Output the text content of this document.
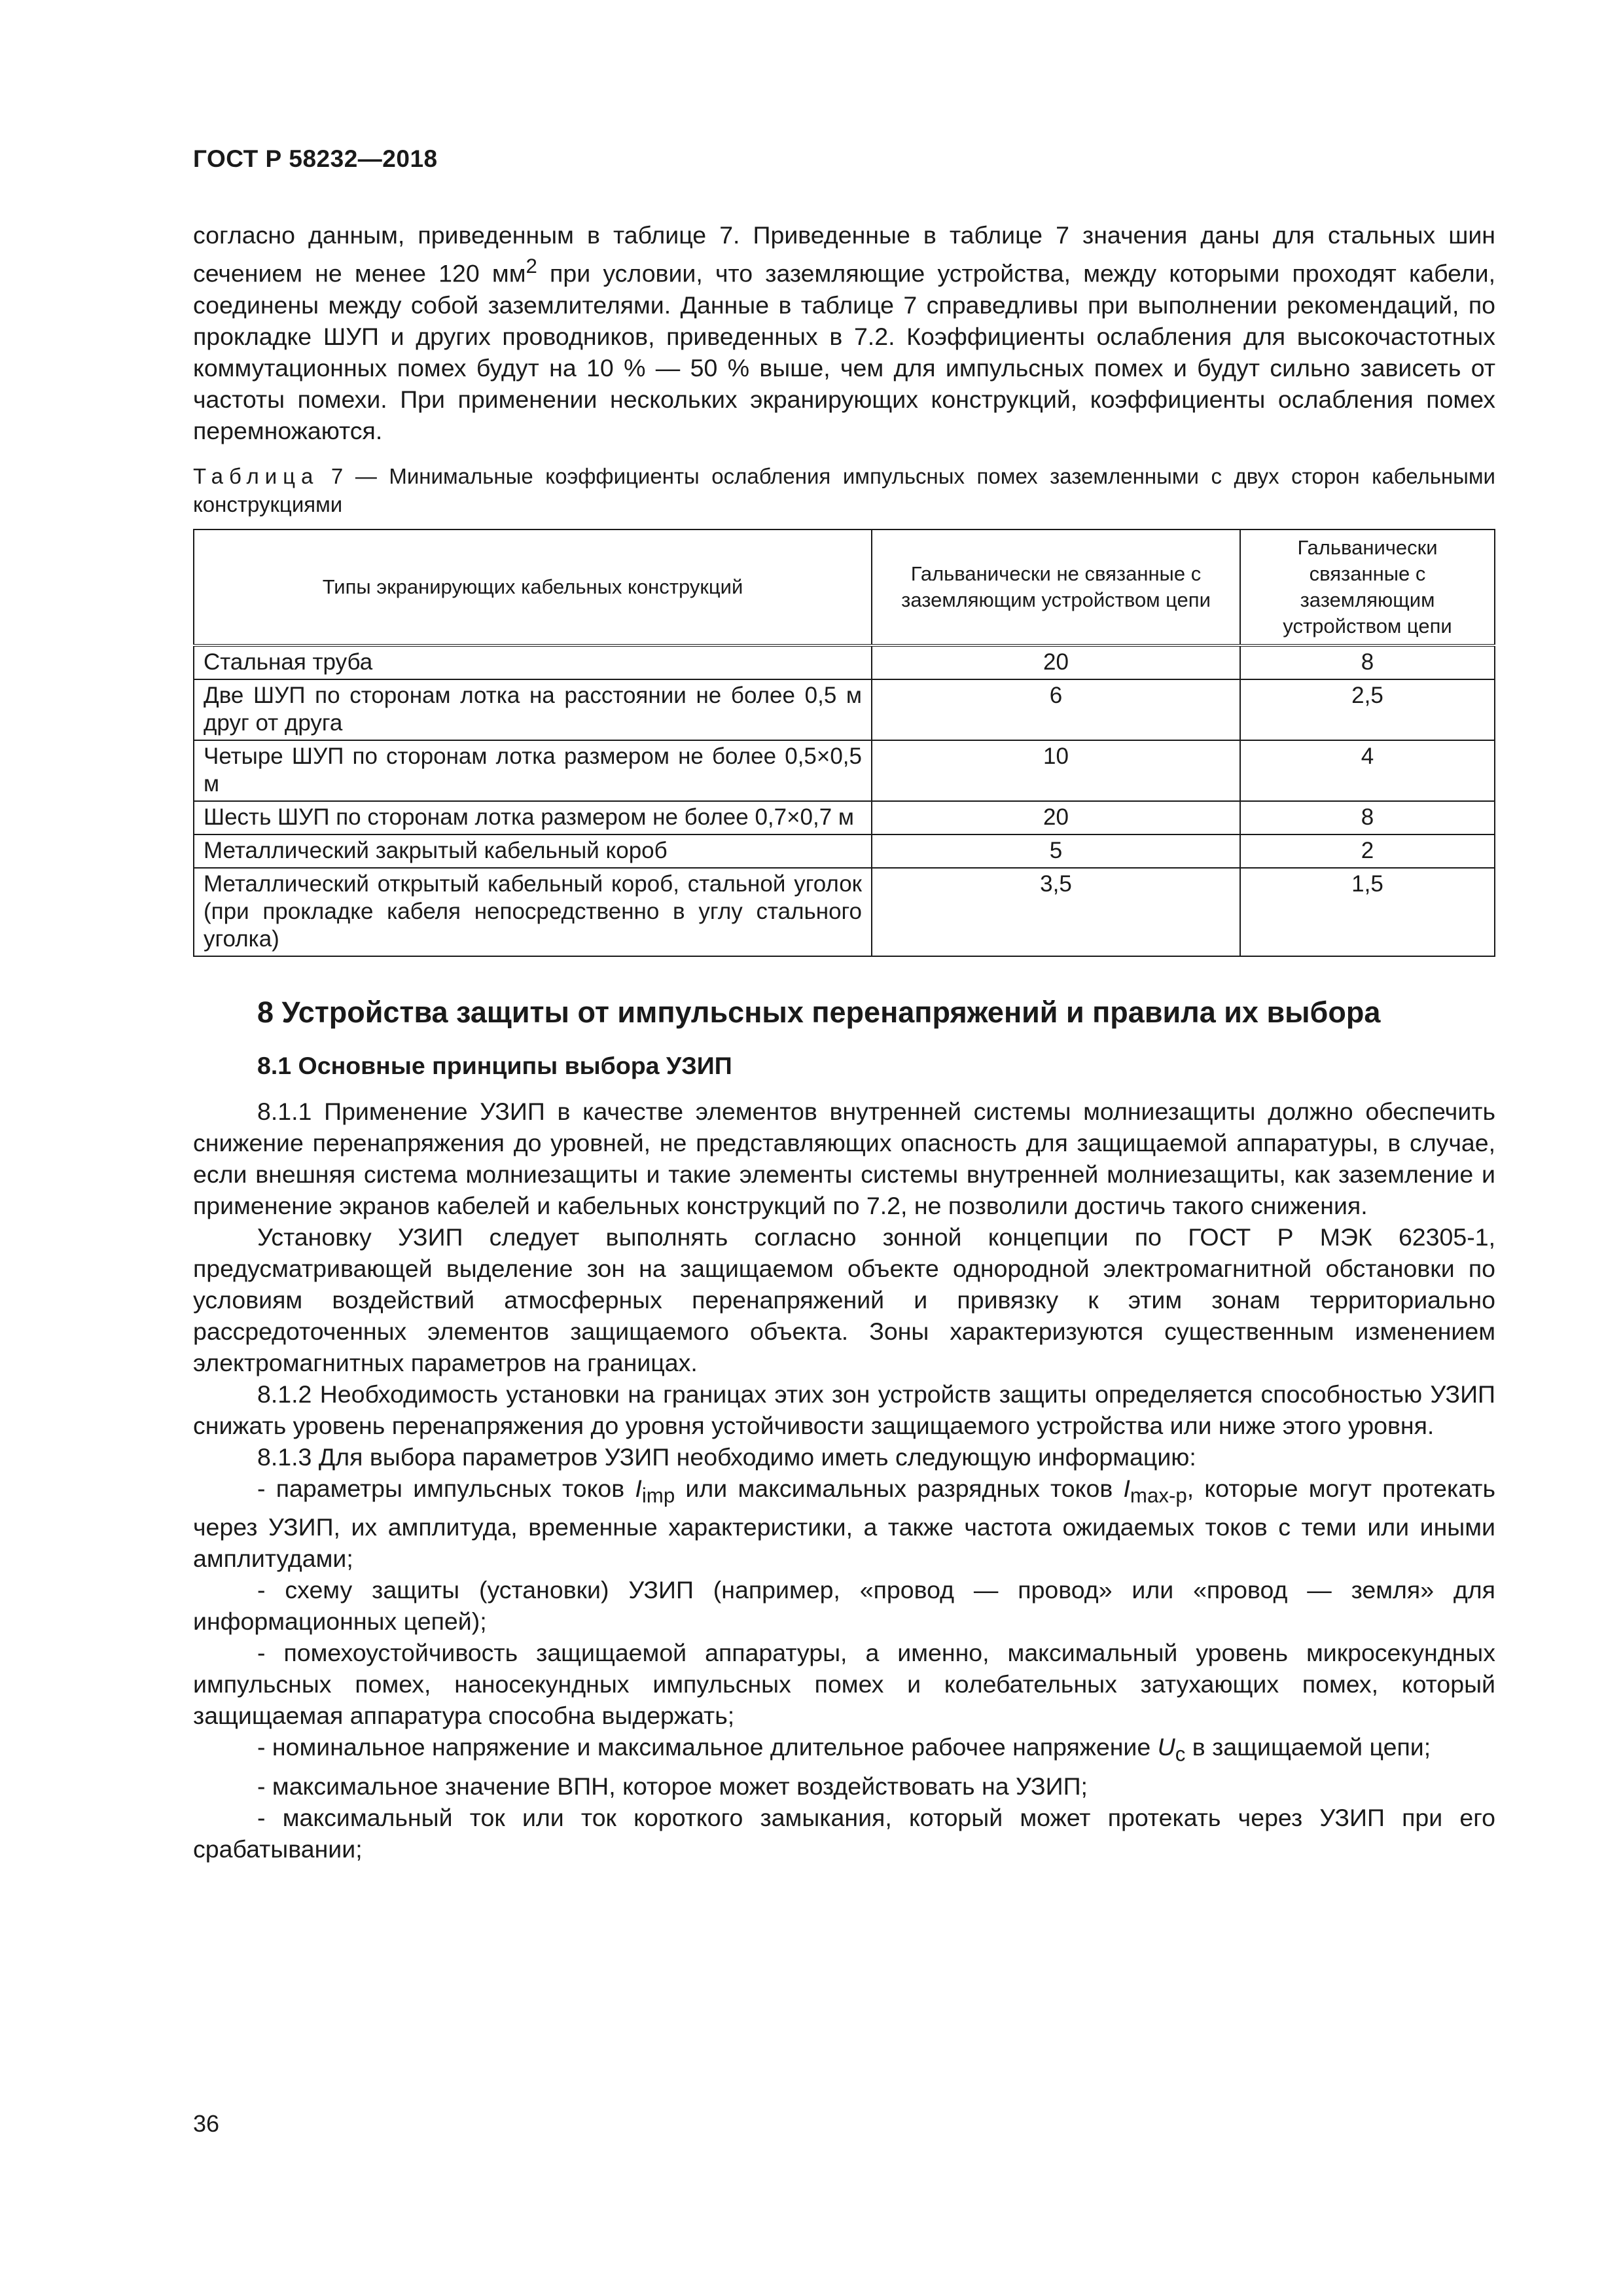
ГОСТ Р 58232—2018

согласно данным, приведенным в таблице 7. Приведенные в таблице 7 значения даны для стальных шин сечением не менее 120 $мм^2$ при условии, что заземляющие устройства, между которыми проходят кабели, соединены между собой заземлителями. Данные в таблице 7 справедливы при выполнении рекомендаций, по прокладке ШУП и других проводников, приведенных в 7.2. Коэффициенты ослабления для высокочастотных коммутационных помех будут на 10 % — 50 % выше, чем для импульсных помех и будут сильно зависеть от частоты помехи. При применении нескольких экранирующих конструкций, коэффициенты ослабления помех перемножаются.

Таблица 7 — Минимальные коэффициенты ослабления импульсных помех заземленными с двух сторон кабельными конструкциями

Типы экранирующих кабельных конструкций	Гальванически не связанные с заземляющим устройством цепи	Гальванически связанные с заземляющим устройством цепи
Стальная труба	20	8
Две ШУП по сторонам лотка на расстоянии не более 0,5 м друг от друга	6	2,5
Четыре ШУП по сторонам лотка размером не более 0,5×0,5 м	10	4
Шесть ШУП по сторонам лотка размером не более 0,7×0,7 м	20	8
Металлический закрытый кабельный короб	5	2
Металлический открытый кабельный короб, стальной уголок (при прокладке кабеля непосредственно в углу стального уголка)	3,5	1,5
8 Устройства защиты от импульсных перенапряжений и правила их выбора
8.1 Основные принципы выбора УЗИП

8.1.1 Применение УЗИП в качестве элементов внутренней системы молниезащиты должно обеспечить снижение перенапряжения до уровней, не представляющих опасность для защищаемой аппаратуры, в случае, если внешняя система молниезащиты и такие элементы системы внутренней молниезащиты, как заземление и применение экранов кабелей и кабельных конструкций по 7.2, не позволили достичь такого снижения.

Установку УЗИП следует выполнять согласно зонной концепции по ГОСТ Р МЭК 62305-1, предусматривающей выделение зон на защищаемом объекте однородной электромагнитной обстановки по условиям воздействий атмосферных перенапряжений и привязку к этим зонам территориально рассредоточенных элементов защищаемого объекта. Зоны характеризуются существенным изменением электромагнитных параметров на границах.

8.1.2 Необходимость установки на границах этих зон устройств защиты определяется способностью УЗИП снижать уровень перенапряжения до уровня устойчивости защищаемого устройства или ниже этого уровня.

8.1.3 Для выбора параметров УЗИП необходимо иметь следующую информацию:

- параметры импульсных токов $I_{imp}$ или максимальных разрядных токов $I_{max-p}$, которые могут протекать через УЗИП, их амплитуда, временные характеристики, а также частота ожидаемых токов с теми или иными амплитудами;

- схему защиты (установки) УЗИП (например, «провод — провод» или «провод — земля» для информационных цепей);

- помехоустойчивость защищаемой аппаратуры, а именно, максимальный уровень микросекундных импульсных помех, наносекундных импульсных помех и колебательных затухающих помех, который защищаемая аппаратура способна выдержать;

- номинальное напряжение и максимальное длительное рабочее напряжение $U_c$ в защищаемой цепи;

- максимальное значение ВПН, которое может воздействовать на УЗИП;

- максимальный ток или ток короткого замыкания, который может протекать через УЗИП при его срабатывании;

36
